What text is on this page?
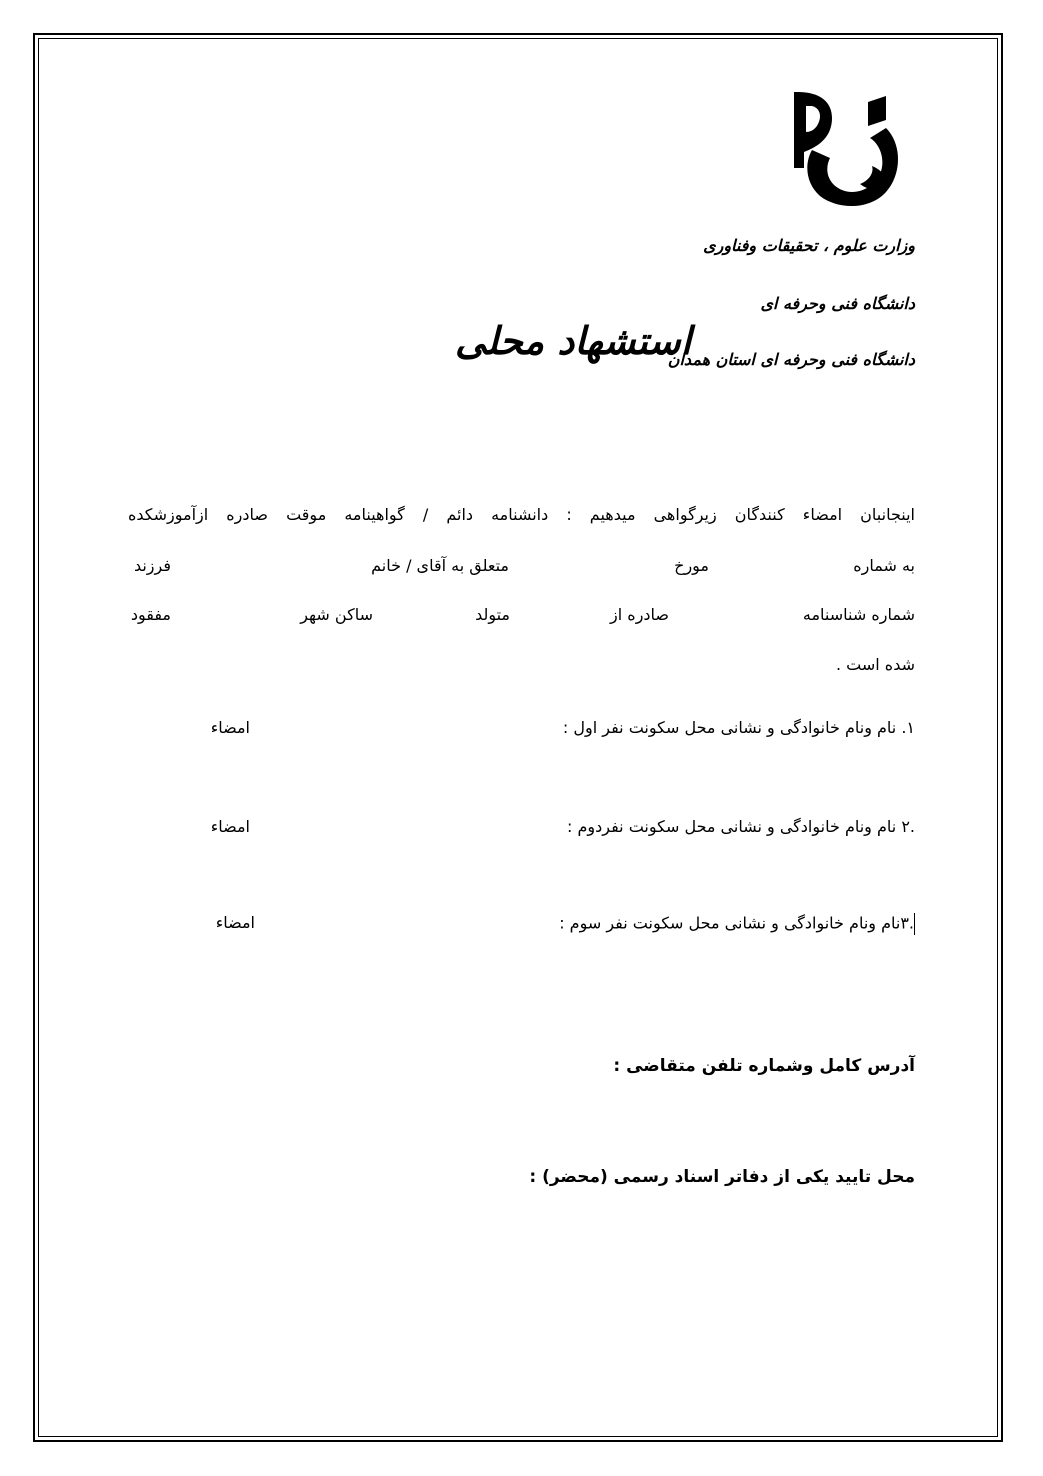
وزارت علوم ، تحقیقات وفناوری
دانشگاه فنی وحرفه ای
دانشگاه فنی وحرفه ای استان همدان
استشهاد محلی
اینجانبان امضاء کنندگان زیرگواهی میدهیم : دانشنامه دائم / گواهینامه موقت صادره ازآموزشکده
به شماره
مورخ
متعلق به آقای / خانم
فرزند
شماره شناسنامه
صادره از
متولد
ساکن شهر
مفقود
شده است .
۱. نام ونام خانوادگی و نشانی محل سکونت نفر اول :
امضاء
.۲ نام ونام خانوادگی و نشانی محل سکونت نفردوم :
امضاء
.۳نام ونام خانوادگی و نشانی محل سکونت نفر سوم :
امضاء
آدرس کامل وشماره تلفن متقاضی :
محل تایید یکی از دفاتر اسناد رسمی (محضر) :
